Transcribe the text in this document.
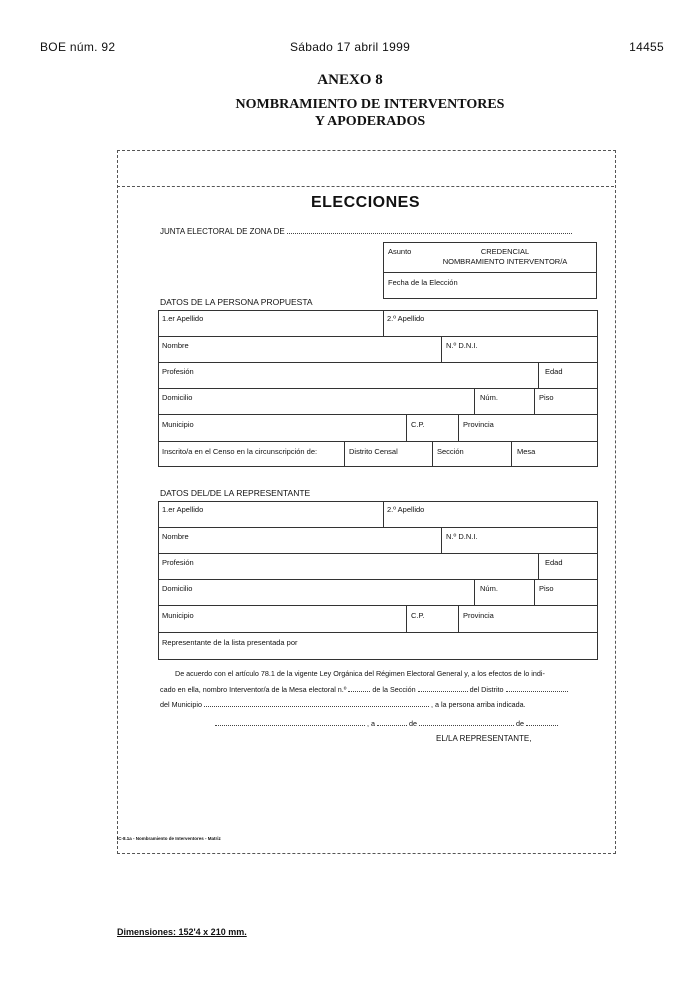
BOE núm. 92	Sábado 17 abril 1999	14455
ANEXO 8
NOMBRAMIENTO DE INTERVENTORES
Y APODERADOS
ELECCIONES
JUNTA ELECTORAL DE ZONA DE
Asunto	CREDENCIAL
NOMBRAMIENTO INTERVENTOR/A
Fecha de la Elección
DATOS DE LA PERSONA PROPUESTA
1.er Apellido	2.º Apellido
Nombre	N.º D.N.I.
Profesión	Edad
Domicilio	Núm.	Piso
Municipio	C.P.	Provincia
Inscrito/a en el Censo en la circunscripción de:	Distrito Censal	Sección	Mesa
DATOS DEL/DE LA REPRESENTANTE
1.er Apellido	2.º Apellido
Nombre	N.º D.N.I.
Profesión	Edad
Domicilio	Núm.	Piso
Municipio	C.P.	Provincia
Representante de la lista presentada por
De acuerdo con el artículo 78.1 de la vigente Ley Orgánica del Régimen Electoral General y, a los efectos de lo indi-
cado en ella, nombro Interventor/a de la Mesa electoral n.º	de la Sección	del Distrito
del Municipio	, a la persona arriba indicada.
, a	de	de
EL/LA REPRESENTANTE,
IC-8.1a - Nombramiento de Interventores - Matriz
Dimensiones: 152'4 x 210 mm.
